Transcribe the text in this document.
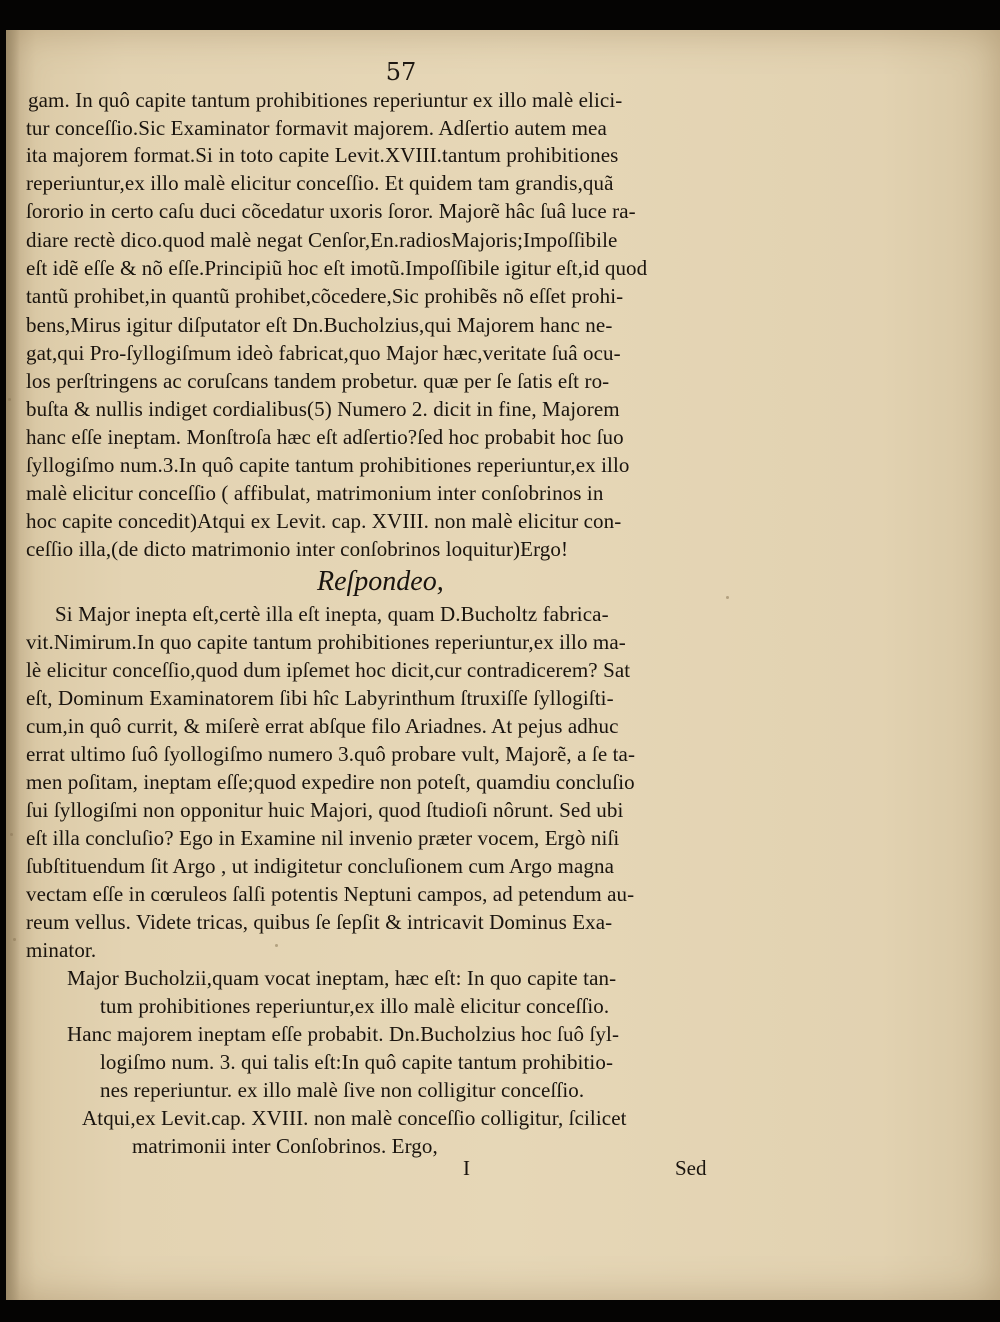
57
gam. In quô capite tantum prohibitiones reperiuntur ex illo malè elici-
tur conceſſio.Sic Examinator formavit majorem. Adſertio autem mea
ita majorem format.Si in toto capite Levit.XVIII.tantum prohibitiones
reperiuntur,ex illo malè elicitur conceſſio. Et quidem tam grandis,quã
ſororio in certo caſu duci cõcedatur uxoris ſoror. Majorẽ hâc ſuâ luce ra-
diare rectè dico.quod malè negat Cenſor,En.radiosMajoris;Impoſſibile
eſt idẽ eſſe & nõ eſſe.Principiũ hoc eſt imotũ.Impoſſibile igitur eſt,id quod
tantũ prohibet,in quantũ prohibet,cõcedere,Sic prohibẽs nõ eſſet prohi-
bens,Mirus igitur diſputator eſt Dn.Bucholzius,qui Majorem hanc ne-
gat,qui Pro-ſyllogiſmum ideò fabricat,quo Major hæc,veritate ſuâ ocu-
los perſtringens ac coruſcans tandem probetur. quæ per ſe ſatis eſt ro-
buſta & nullis indiget cordialibus(5) Numero 2. dicit in fine, Majorem
hanc eſſe ineptam. Monſtroſa hæc eſt adſertio?ſed hoc probabit hoc ſuo
ſyllogiſmo num.3.In quô capite tantum prohibitiones reperiuntur,ex illo
malè elicitur conceſſio ( affibulat, matrimonium inter conſobrinos in
hoc capite concedit)Atqui ex Levit. cap. XVIII. non malè elicitur con-
ceſſio illa,(de dicto matrimonio inter conſobrinos loquitur)Ergo!
Reſpondeo,
Si Major inepta eſt,certè illa eſt inepta, quam D.Bucholtz fabrica-
vit.Nimirum.In quo capite tantum prohibitiones reperiuntur,ex illo ma-
lè elicitur conceſſio,quod dum ipſemet hoc dicit,cur contradicerem? Sat
eſt, Dominum Examinatorem ſibi hîc Labyrinthum ſtruxiſſe ſyllogiſti-
cum,in quô currit, & miſerè errat abſque filo Ariadnes. At pejus adhuc
errat ultimo ſuô ſyollogiſmo numero 3.quô probare vult, Majorẽ, a ſe ta-
men poſitam, ineptam eſſe;quod expedire non poteſt, quamdiu concluſio
ſui ſyllogiſmi non opponitur huic Majori, quod ſtudioſi nôrunt. Sed ubi
eſt illa concluſio? Ego in Examine nil invenio præter vocem, Ergò niſi
ſubſtituendum ſit Argo , ut indigitetur concluſionem cum Argo magna
vectam eſſe in cœruleos ſalſi potentis Neptuni campos, ad petendum au-
reum vellus. Videte tricas, quibus ſe ſepſit & intricavit Dominus Exa-
minator.
Major Bucholzii,quam vocat ineptam, hæc eſt: In quo capite tan-
tum prohibitiones reperiuntur,ex illo malè elicitur conceſſio.
Hanc majorem ineptam eſſe probabit. Dn.Bucholzius hoc ſuô ſyl-
logiſmo num. 3. qui talis eſt:In quô capite tantum prohibitio-
nes reperiuntur. ex illo malè ſive non colligitur conceſſio.
Atqui,ex Levit.cap. XVIII. non malè conceſſio colligitur, ſcilicet
matrimonii inter Conſobrinos. Ergo,
I	Sed
